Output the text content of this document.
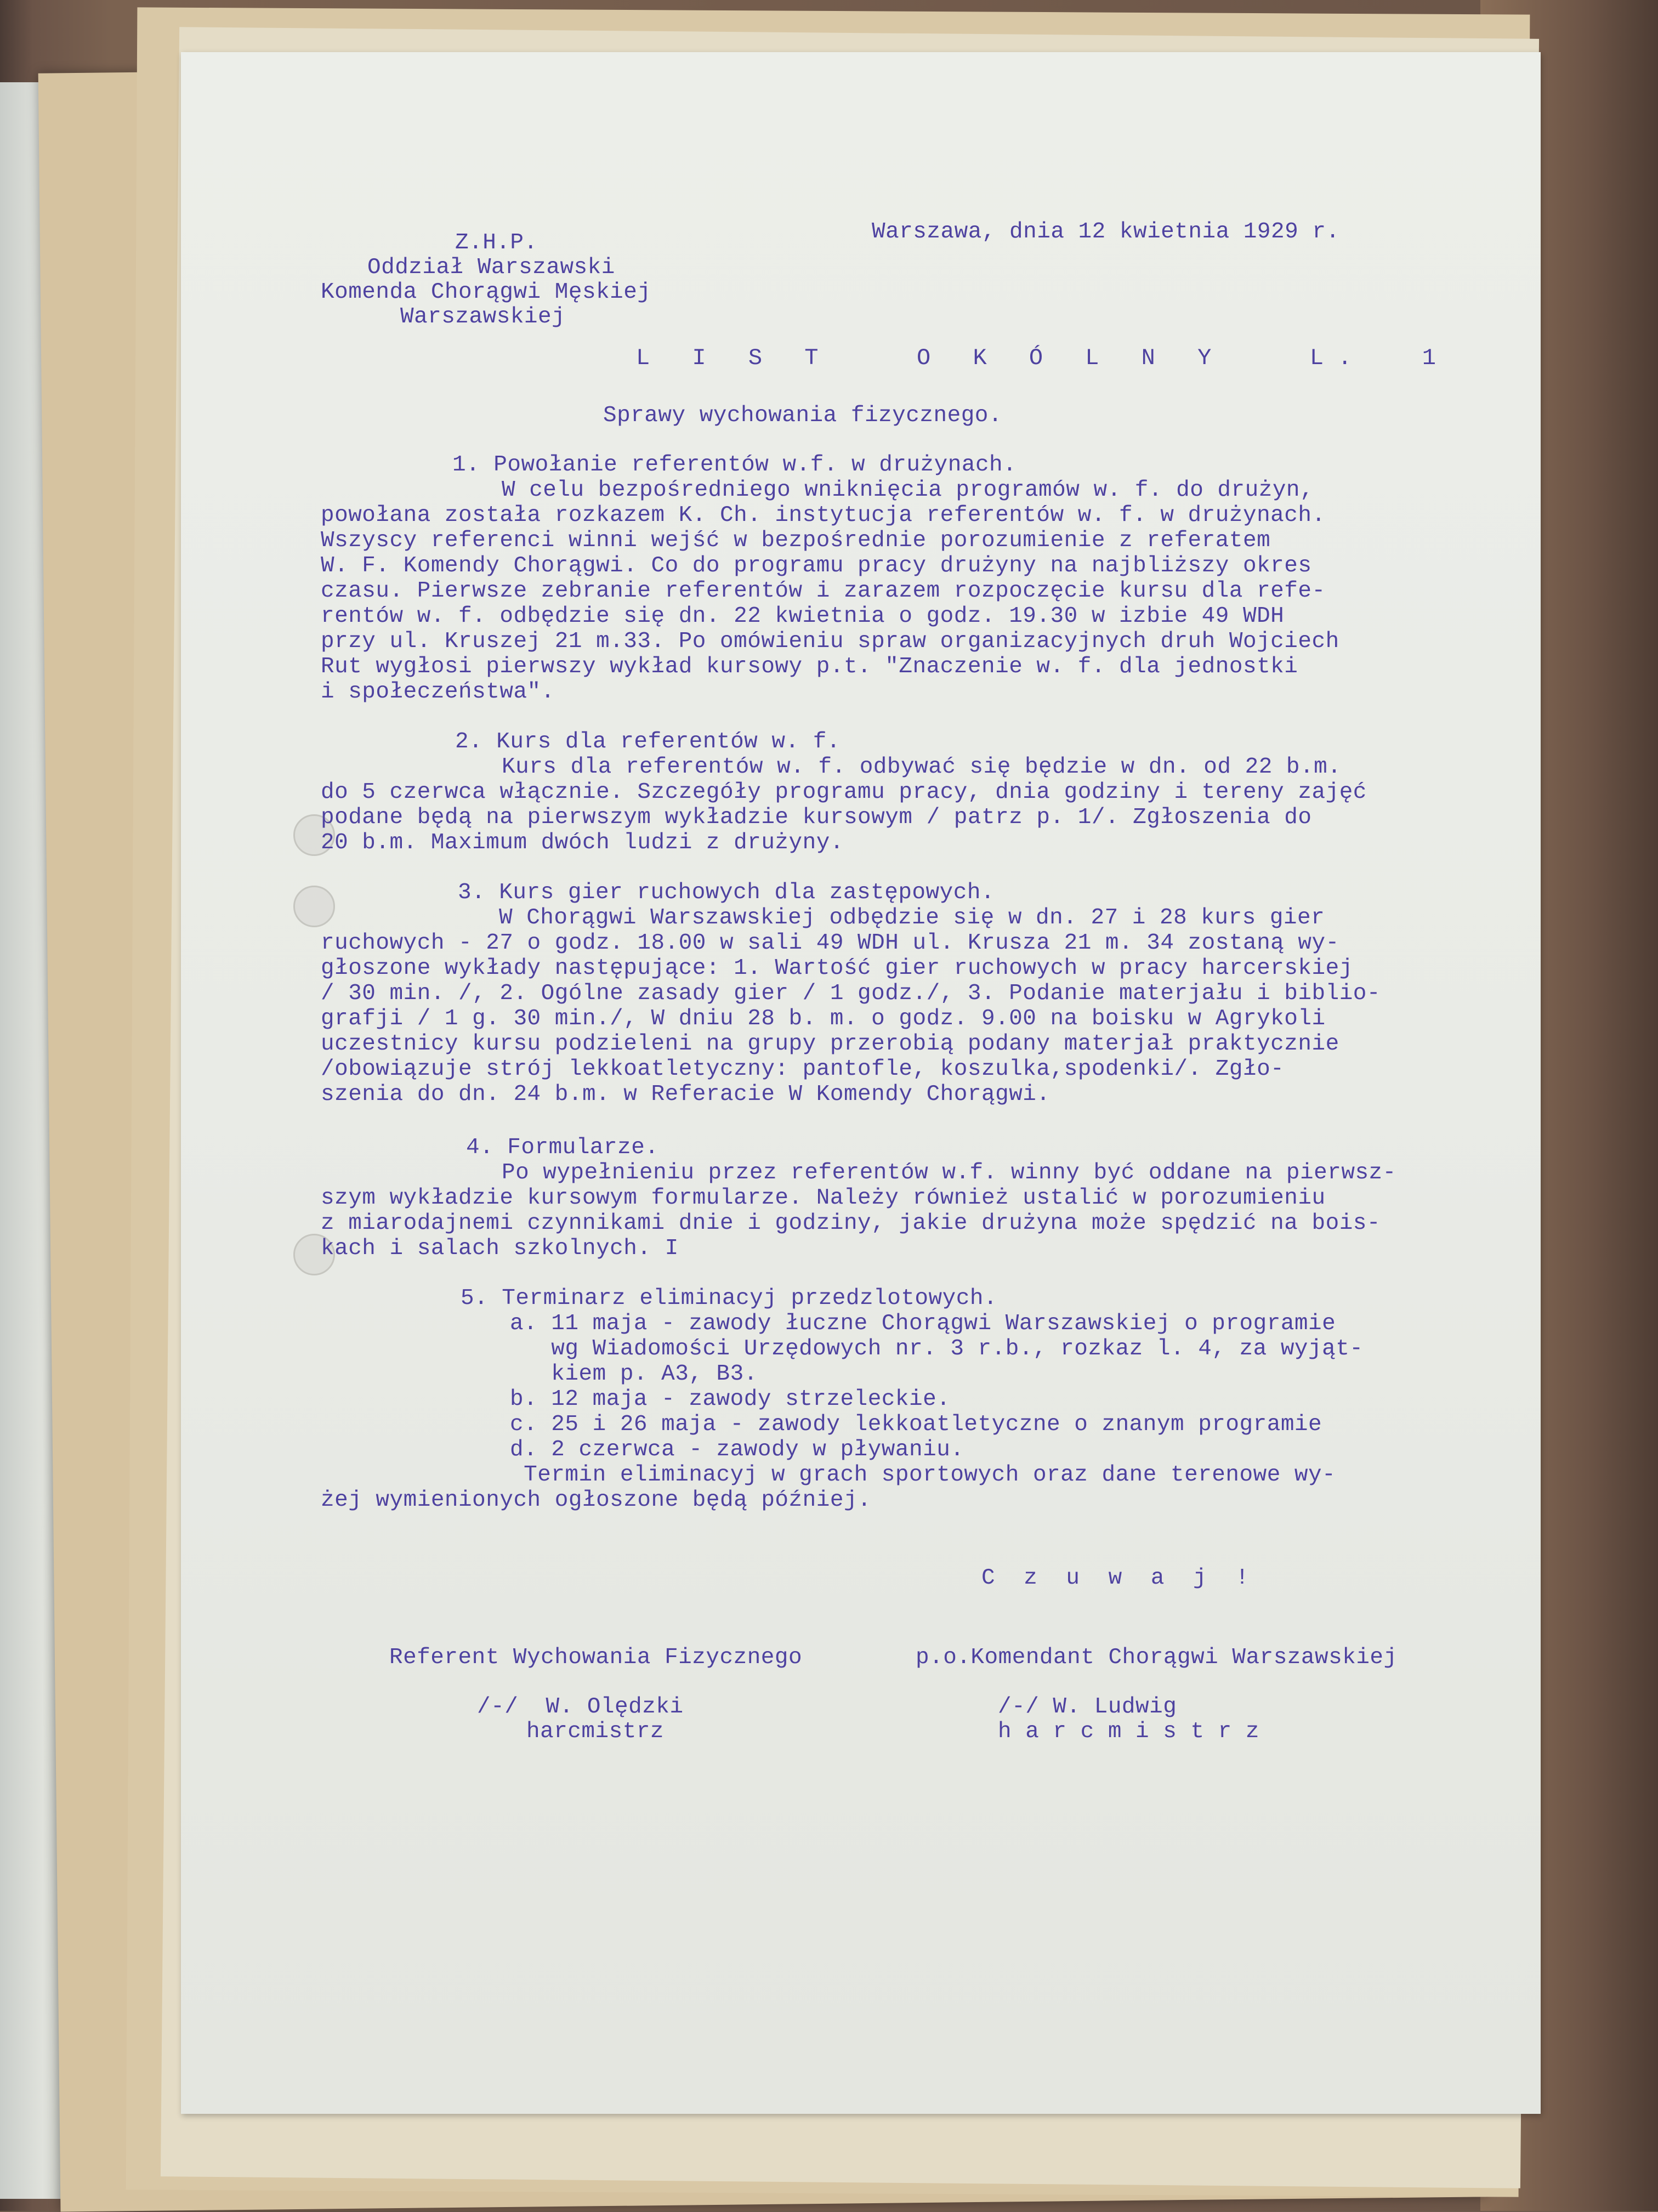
Z.H.P.
Oddział Warszawski
Komenda Chorągwi Męskiej
Warszawskiej
Warszawa, dnia 12 kwietnia 1929 r.
L I S T   O K Ó L N Y   L.  1
Sprawy wychowania fizycznego.
1. Powołanie referentów w.f. w drużynach.
W celu bezpośredniego wniknięcia programów w. f. do drużyn,
powołana została rozkazem K. Ch. instytucja referentów w. f. w drużynach.
Wszyscy referenci winni wejść w bezpośrednie porozumienie z referatem
W. F. Komendy Chorągwi. Co do programu pracy drużyny na najbliższy okres
czasu. Pierwsze zebranie referentów i zarazem rozpoczęcie kursu dla refe-
rentów w. f. odbędzie się dn. 22 kwietnia o godz. 19.30 w izbie 49 WDH
przy ul. Kruszej 21 m.33. Po omówieniu spraw organizacyjnych druh Wojciech
Rut wygłosi pierwszy wykład kursowy p.t. "Znaczenie w. f. dla jednostki
i społeczeństwa".
2. Kurs dla referentów w. f.
Kurs dla referentów w. f. odbywać się będzie w dn. od 22 b.m.
do 5 czerwca włącznie. Szczegóły programu pracy, dnia godziny i tereny zajęć
podane będą na pierwszym wykładzie kursowym / patrz p. 1/. Zgłoszenia do
20 b.m. Maximum dwóch ludzi z drużyny.
3. Kurs gier ruchowych dla zastępowych.
W Chorągwi Warszawskiej odbędzie się w dn. 27 i 28 kurs gier
ruchowych - 27 o godz. 18.00 w sali 49 WDH ul. Krusza 21 m. 34 zostaną wy-
głoszone wykłady następujące: 1. Wartość gier ruchowych w pracy harcerskiej
/ 30 min. /, 2. Ogólne zasady gier / 1 godz./, 3. Podanie materjału i biblio-
grafji / 1 g. 30 min./, W dniu 28 b. m. o godz. 9.00 na boisku w Agrykoli
uczestnicy kursu podzieleni na grupy przerobią podany materjał praktycznie
/obowiązuje strój lekkoatletyczny: pantofle, koszulka,spodenki/. Zgło-
szenia do dn. 24 b.m. w Referacie W Komendy Chorągwi.
4. Formularze.
Po wypełnieniu przez referentów w.f. winny być oddane na pierwsz-
szym wykładzie kursowym formularze. Należy również ustalić w porozumieniu
z miarodajnemi czynnikami dnie i godziny, jakie drużyna może spędzić na bois-
kach i salach szkolnych. I
5. Terminarz eliminacyj przedzlotowych.
a. 11 maja - zawody łuczne Chorągwi Warszawskiej o programie
wg Wiadomości Urzędowych nr. 3 r.b., rozkaz l. 4, za wyjąt-
kiem p. A3, B3.
b. 12 maja - zawody strzeleckie.
c. 25 i 26 maja - zawody lekkoatletyczne o znanym programie
d. 2 czerwca - zawody w pływaniu.
Termin eliminacyj w grach sportowych oraz dane terenowe wy-
żej wymienionych ogłoszone będą później.
C z u w a j !
Referent Wychowania Fizycznego
/-/  W. Olędzki
harcmistrz
p.o.Komendant Chorągwi Warszawskiej
/-/ W. Ludwig
h a r c m i s t r z
